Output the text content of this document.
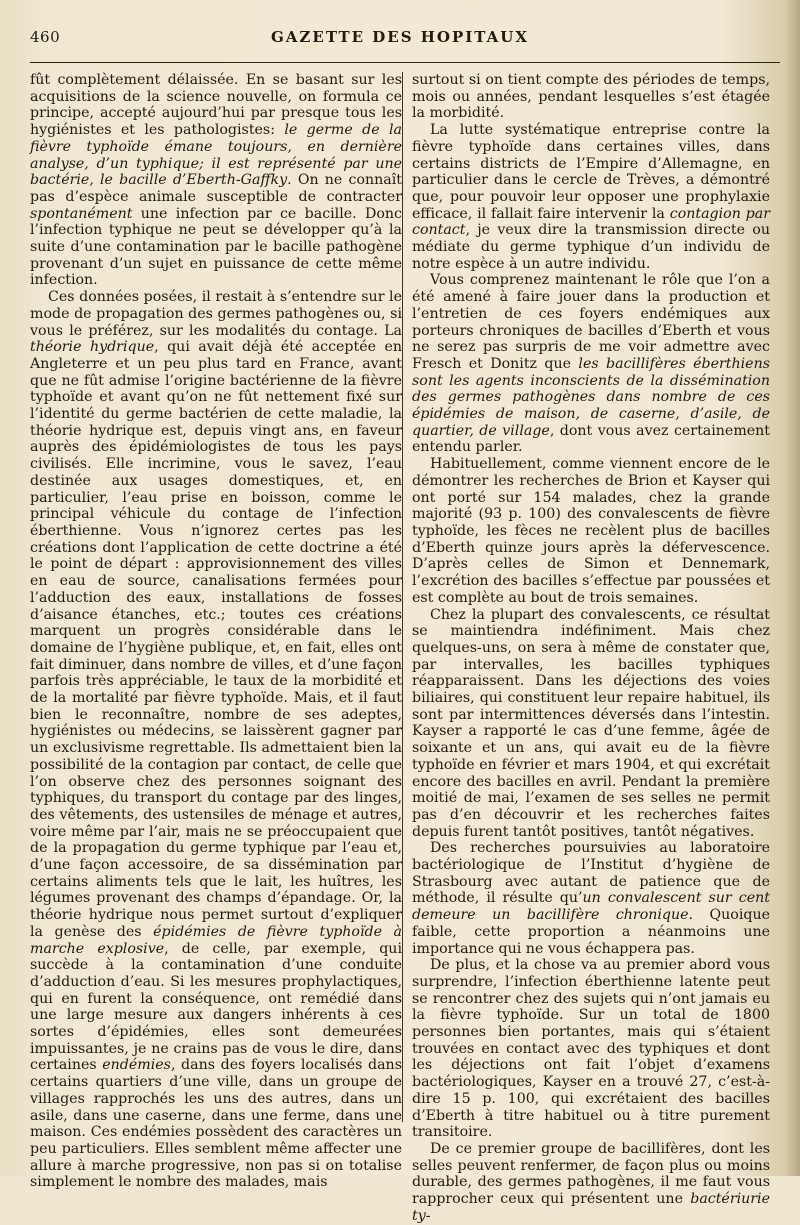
460	GAZETTE DES HOPITAUX

fût complètement délaissée. En se basant sur les acquisitions de la science nouvelle, on formula ce principe, accepté aujourd’hui par presque tous les hygiénistes et les pathologistes: le germe de la fièvre typhoïde émane toujours, en dernière analyse, d’un typhique; il est représenté par une bactérie, le bacille d’Eberth-Gaffky. On ne connaît pas d’espèce animale susceptible de contracter spontanément une infection par ce bacille. Donc l’infection typhique ne peut se développer qu’à la suite d’une contamination par le bacille pathogène provenant d’un sujet en puissance de cette même infection.

Ces données posées, il restait à s’entendre sur le mode de propagation des germes pathogènes ou, si vous le préférez, sur les modalités du contage. La théorie hydrique, qui avait déjà été acceptée en Angleterre et un peu plus tard en France, avant que ne fût admise l’origine bactérienne de la fièvre typhoïde et avant qu’on ne fût nettement fixé sur l’identité du germe bactérien de cette maladie, la théorie hydrique est, depuis vingt ans, en faveur auprès des épidémiologistes de tous les pays civilisés. Elle incrimine, vous le savez, l’eau destinée aux usages domestiques, et, en particulier, l’eau prise en boisson, comme le principal véhicule du contage de l’infection éberthienne. Vous n’ignorez certes pas les créations dont l’application de cette doctrine a été le point de départ : approvisionnement des villes en eau de source, canalisations fermées pour l’adduction des eaux, installations de fosses d’aisance étanches, etc.; toutes ces créations marquent un progrès considérable dans le domaine de l’hygiène publique, et, en fait, elles ont fait diminuer, dans nombre de villes, et d’une façon parfois très appréciable, le taux de la morbidité et de la mortalité par fièvre typhoïde. Mais, et il faut bien le reconnaître, nombre de ses adeptes, hygiénistes ou médecins, se laissèrent gagner par un exclusivisme regrettable. Ils admettaient bien la possibilité de la contagion par contact, de celle que l’on observe chez des personnes soignant des typhiques, du transport du contage par des linges, des vêtements, des ustensiles de ménage et autres, voire même par l’air, mais ne se préoccupaient que de la propagation du germe typhique par l’eau et, d’une façon accessoire, de sa dissémination par certains aliments tels que le lait, les huîtres, les légumes provenant des champs d’épandage. Or, la théorie hydrique nous permet surtout d’expliquer la genèse des épidémies de fièvre typhoïde à marche explosive, de celle, par exemple, qui succède à la contamination d’une conduite d’adduction d’eau. Si les mesures prophylactiques, qui en furent la conséquence, ont remédié dans une large mesure aux dangers inhérents à ces sortes d’épidémies, elles sont demeurées impuissantes, je ne crains pas de vous le dire, dans certaines endémies, dans des foyers localisés dans certains quartiers d’une ville, dans un groupe de villages rapprochés les uns des autres, dans un asile, dans une caserne, dans une ferme, dans une maison. Ces endémies possèdent des caractères un peu particuliers. Elles semblent même affecter une allure à marche progressive, non pas si on totalise simplement le nombre des malades, mais

surtout si on tient compte des périodes de temps, mois ou années, pendant lesquelles s’est étagée la morbidité.

La lutte systématique entreprise contre la fièvre typhoïde dans certaines villes, dans certains districts de l’Empire d’Allemagne, en particulier dans le cercle de Trèves, a démontré que, pour pouvoir leur opposer une prophylaxie efficace, il fallait faire intervenir la contagion par contact, je veux dire la transmission directe ou médiate du germe typhique d’un individu de notre espèce à un autre individu.

Vous comprenez maintenant le rôle que l’on a été amené à faire jouer dans la production et l’entretien de ces foyers endémiques aux porteurs chroniques de bacilles d’Eberth et vous ne serez pas surpris de me voir admettre avec Fresch et Donitz que les bacillifères éberthiens sont les agents inconscients de la dissémination des germes pathogènes dans nombre de ces épidémies de maison, de caserne, d’asile, de quartier, de village, dont vous avez certainement entendu parler.

Habituellement, comme viennent encore de le démontrer les recherches de Brion et Kayser qui ont porté sur 154 malades, chez la grande majorité (93 p. 100) des convalescents de fièvre typhoïde, les fèces ne recèlent plus de bacilles d’Eberth quinze jours après la défervescence. D’après celles de Simon et Dennemark, l’excrétion des bacilles s’effectue par poussées et est complète au bout de trois semaines.

Chez la plupart des convalescents, ce résultat se maintiendra indéfiniment. Mais chez quelques-uns, on sera à même de constater que, par intervalles, les bacilles typhiques réapparaissent. Dans les déjections des voies biliaires, qui constituent leur repaire habituel, ils sont par intermittences déversés dans l’intestin. Kayser a rapporté le cas d’une femme, âgée de soixante et un ans, qui avait eu de la fièvre typhoïde en février et mars 1904, et qui excrétait encore des bacilles en avril. Pendant la première moitié de mai, l’examen de ses selles ne permit pas d’en découvrir et les recherches faites depuis furent tantôt positives, tantôt négatives.

Des recherches poursuivies au laboratoire bactériologique de l’Institut d’hygiène de Strasbourg avec autant de patience que de méthode, il résulte qu’un convalescent sur cent demeure un bacillifère chronique. Quoique faible, cette proportion a néanmoins une importance qui ne vous échappera pas.

De plus, et la chose va au premier abord vous surprendre, l’infection éberthienne latente peut se rencontrer chez des sujets qui n’ont jamais eu la fièvre typhoïde. Sur un total de 1800 personnes bien portantes, mais qui s’étaient trouvées en contact avec des typhiques et dont les déjections ont fait l’objet d’examens bactériologiques, Kayser en a trouvé 27, c’est-à-dire 15 p. 100, qui excrétaient des bacilles d’Eberth à titre habituel ou à titre purement transitoire.

De ce premier groupe de bacillifères, dont les selles peuvent renfermer, de façon plus ou moins durable, des germes pathogènes, il me faut vous rapprocher ceux qui présentent une bactériurie ty-
